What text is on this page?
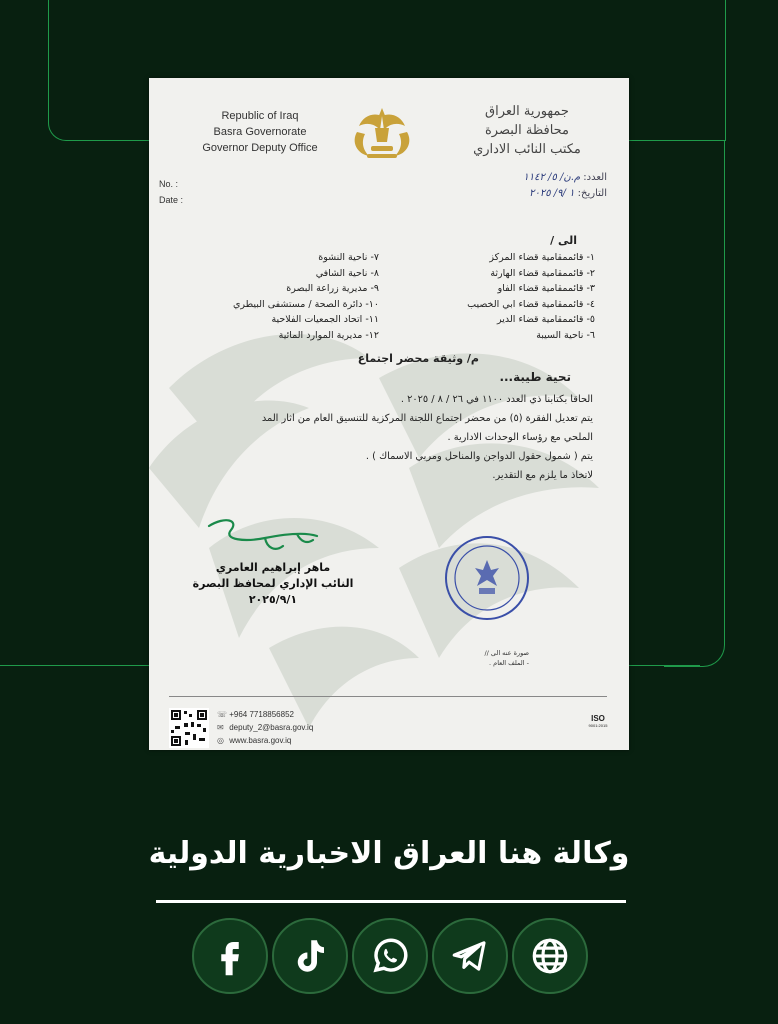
Republic of Iraq
Basra Governorate
Governor Deputy Office
جمهورية العراق
محافظة البصرة
مكتب النائب الاداري
No. :
Date :
العدد: م.ن/ ٥/ ١١٤٢
التاريخ: ١ /٩/ ٢٠٢٥
الى /
١- قائممقامية قضاء المركز
٢- قائممقامية قضاء الهارثة
٣- قائممقامية قضاء الفاو
٤- قائممقامية قضاء ابي الخصيب
٥- قائممقامية قضاء الدير
٦- ناحية السيبة
٧- ناحية النشوة
٨- ناحية الشافي
٩- مديرية زراعة البصرة
١٠- دائرة الصحة / مستشفى البيطري
١١- اتحاد الجمعيات الفلاحية
١٢- مديرية الموارد المائية
م/ وثيقة محضر اجتماع
تحية طيبة...
الحاقا بكتابنا ذي العدد ١١٠٠ في ٢٦ / ٨ / ٢٠٢٥ .
يتم تعديل الفقرة (٥) من محضر اجتماع اللجنة المركزية للتنسيق العام من اثار المد
الملحي مع رؤساء الوحدات الادارية .
يتم ( شمول حقول الدواجن والمناحل ومربي الاسماك ) .
لاتخاذ ما يلزم مع التقدير.
ماهر إبراهيم العامري
النائب الإداري لمحافظ البصرة
٢٠٢٥/٩/١
صورة عنه الى //
- الملف العام .
☏ +964 7718856852
✉ deputy_2@basra.gov.iq
◎ www.basra.gov.iq
ISO
9001:2015
وكالة هنا العراق الاخبارية الدولية
